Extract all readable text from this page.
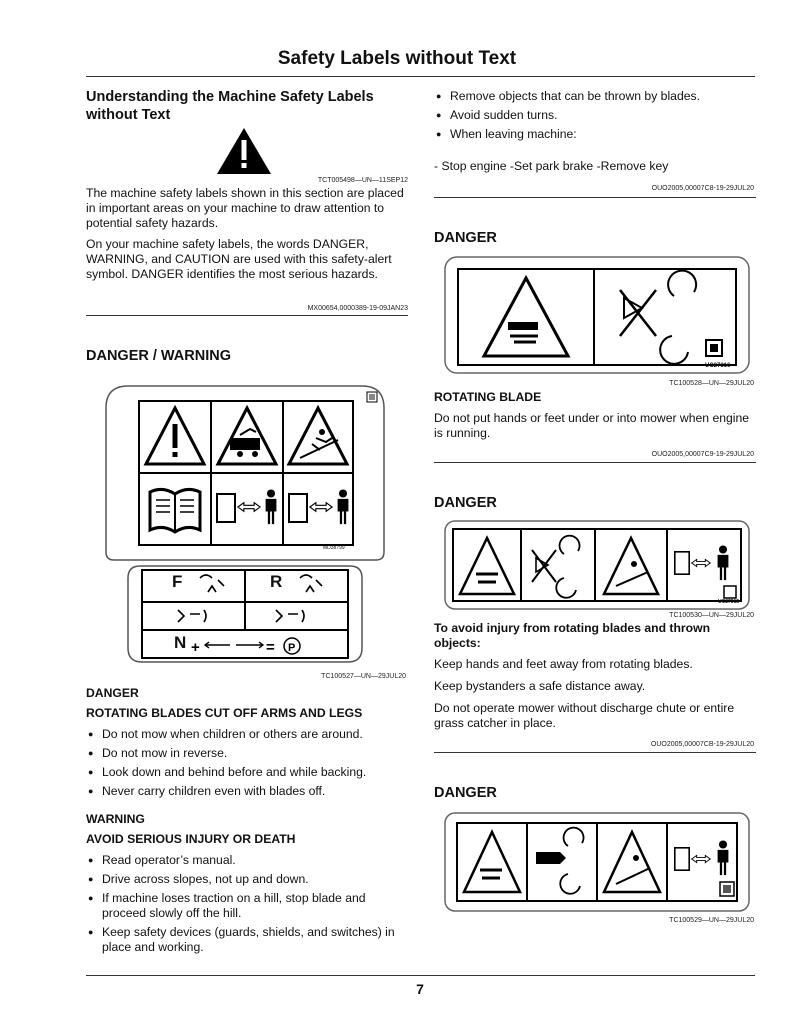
Safety Labels without Text
Understanding the Machine Safety Labels without Text
TCT005498—UN—11SEP12
The machine safety labels shown in this section are placed in important areas on your machine to draw attention to potential safety hazards.
On your machine safety labels, the words DANGER, WARNING, and CAUTION are used with this safety-alert symbol. DANGER identifies the most serious hazards.
MX00654,0000389-19-09JAN23
DANGER / WARNING
+	= P
MD38799
F	R
N
TC100527—UN—29JUL20
DANGER
ROTATING BLADES CUT OFF ARMS AND LEGS
● Do not mow when children or others are around.
● Do not mow in reverse.
● Look down and behind before and while backing.
● Never carry children even with blades off.
WARNING
AVOID SERIOUS INJURY OR DEATH
● Read operator’s manual.
● Drive across slopes, not up and down.
● If machine loses traction on a hill, stop blade and proceed slowly off the hill.
● Keep safety devices (guards, shields, and switches) in place and working.
● Remove objects that can be thrown by blades.
● Avoid sudden turns.
● When leaving machine:
- Stop engine -Set park brake -Remove key
OUO2005,00007C8-19-29JUL20
DANGER
UC27316
TC100528—UN—29JUL20
ROTATING BLADE
Do not put hands or feet under or into mower when engine is running.
OUO2005,00007C9-19-29JUL20
DANGER
UC27315
TC100530—UN—29JUL20
To avoid injury from rotating blades and thrown objects:
Keep hands and feet away from rotating blades.
Keep bystanders a safe distance away.
Do not operate mower without discharge chute or entire grass catcher in place.
OUO2005,00007CB-19-29JUL20
DANGER
TC100529—UN—29JUL20
7
